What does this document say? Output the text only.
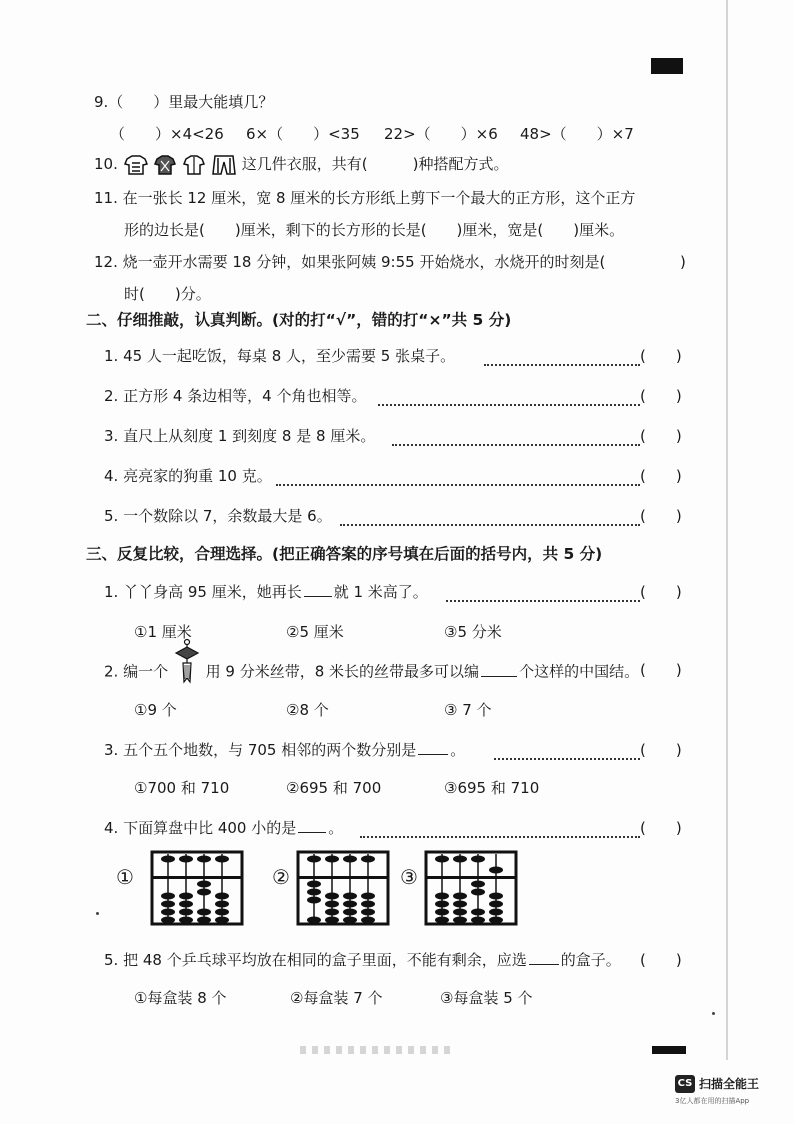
9.（　　）里最大能填几？
（　　）×4<26 6×（　　）<35 22>（　　）×6 48>（　　）×7
10.	这几件衣服，共有(　　　)种搭配方式。
11. 在一张长 12 厘米，宽 8 厘米的长方形纸上剪下一个最大的正方形，这个正方
形的边长是(　　)厘米，剩下的长方形的长是(　　)厘米，宽是(　　)厘米。
12. 烧一壶开水需要 18 分钟，如果张阿姨 9:55 开始烧水，水烧开的时刻是(	)
时(　　)分。
二、仔细推敲，认真判断。(对的打“√”，错的打“×”共 5 分)
1. 45 人一起吃饭，每桌 8 人，至少需要 5 张桌子。	(　　)
2. 正方形 4 条边相等，4 个角也相等。	(　　)
3. 直尺上从刻度 1 到刻度 8 是 8 厘米。	(　　)
4. 亮亮家的狗重 10 克。	(　　)
5. 一个数除以 7，余数最大是 6。	(　　)
三、反复比较，合理选择。(把正确答案的序号填在后面的括号内，共 5 分)
1. 丫丫身高 95 厘米，她再长 就 1 米高了。	(　　)
①1 厘米	②5 厘米	③5 分米
2. 编一个	用 9 分米丝带，8 米长的丝带最多可以编	个这样的中国结。 (　　)
①9 个	②8 个	③ 7 个
3. 五个五个地数，与 705 相邻的两个数分别是 。	(　　)
①700 和 710	②695 和 700	③695 和 710
4. 下面算盘中比 400 小的是 。	(　　)
①	②	③
5. 把 48 个乒乓球平均放在相同的盒子里面，不能有剩余，应选 的盒子。 (　　)
①每盒装 8 个	②每盒装 7 个	③每盒装 5 个
CS 扫描全能王
3亿人都在用的扫描App
